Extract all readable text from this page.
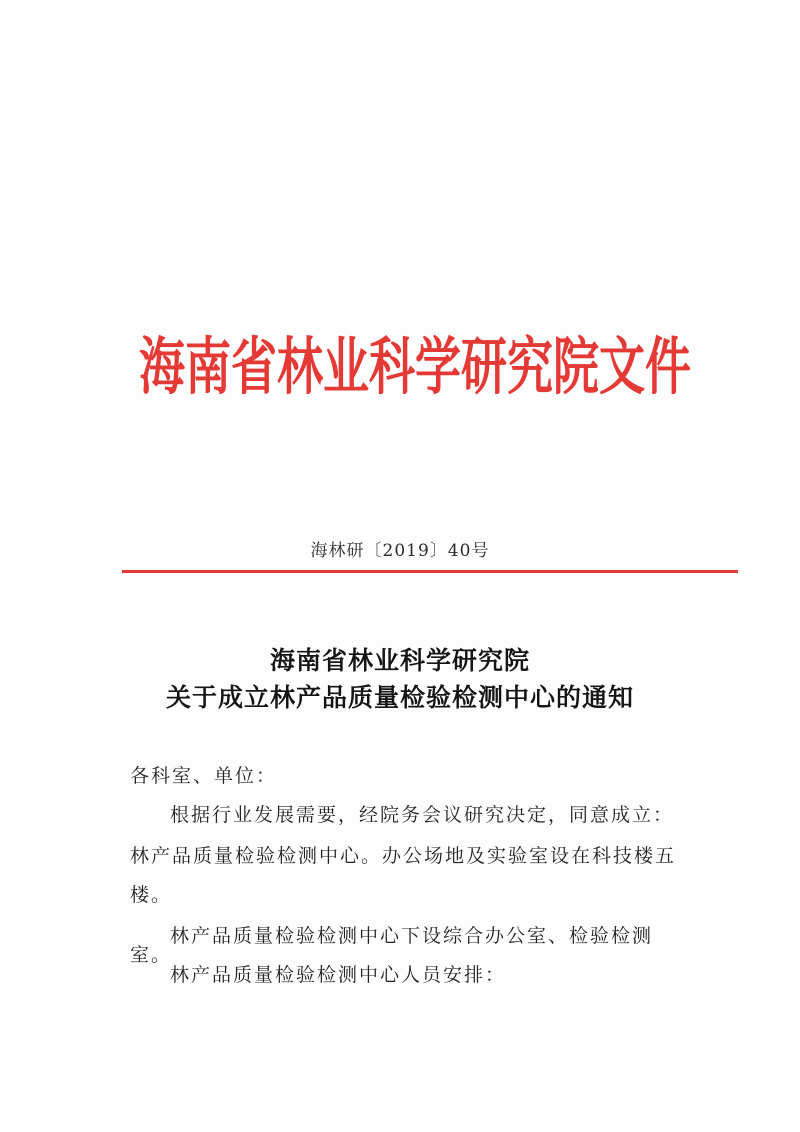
海南省林业科学研究院文件
海林研〔2019〕40号
海南省林业科学研究院
关于成立林产品质量检验检测中心的通知
各科室、单位：
根据行业发展需要，经院务会议研究决定，同意成立：
林产品质量检验检测中心。办公场地及实验室设在科技楼五
楼。
林产品质量检验检测中心下设综合办公室、检验检测室。
林产品质量检验检测中心人员安排：
